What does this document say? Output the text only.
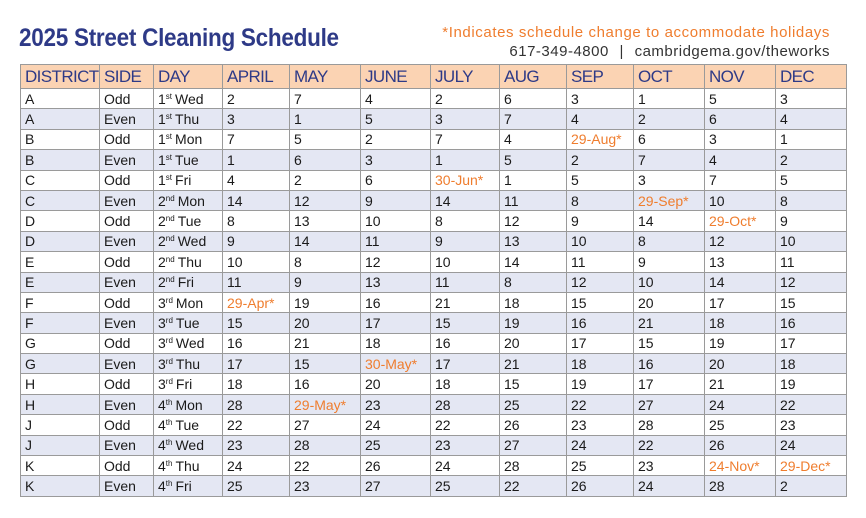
2025 Street Cleaning Schedule	*Indicates schedule change to accommodate holidays
617-349-4800 | cambridgema.gov/theworks
DISTRICT	SIDE	DAY	APRIL	MAY	JUNE	JULY	AUG	SEP	OCT	NOV	DEC
A	Odd	1st Wed	2	7	4	2	6	3	1	5	3
A	Even	1st Thu	3	1	5	3	7	4	2	6	4
B	Odd	1st Mon	7	5	2	7	4	29-Aug*	6	3	1
B	Even	1st Tue	1	6	3	1	5	2	7	4	2
C	Odd	1st Fri	4	2	6	30-Jun*	1	5	3	7	5
C	Even	2nd Mon	14	12	9	14	11	8	29-Sep*	10	8
D	Odd	2nd Tue	8	13	10	8	12	9	14	29-Oct*	9
D	Even	2nd Wed	9	14	11	9	13	10	8	12	10
E	Odd	2nd Thu	10	8	12	10	14	11	9	13	11
E	Even	2nd Fri	11	9	13	11	8	12	10	14	12
F	Odd	3rd Mon	29-Apr*	19	16	21	18	15	20	17	15
F	Even	3rd Tue	15	20	17	15	19	16	21	18	16
G	Odd	3rd Wed	16	21	18	16	20	17	15	19	17
G	Even	3rd Thu	17	15	30-May*	17	21	18	16	20	18
H	Odd	3rd Fri	18	16	20	18	15	19	17	21	19
H	Even	4th Mon	28	29-May*	23	28	25	22	27	24	22
J	Odd	4th Tue	22	27	24	22	26	23	28	25	23
J	Even	4th Wed	23	28	25	23	27	24	22	26	24
K	Odd	4th Thu	24	22	26	24	28	25	23	24-Nov*	29-Dec*
K	Even	4th Fri	25	23	27	25	22	26	24	28	2
